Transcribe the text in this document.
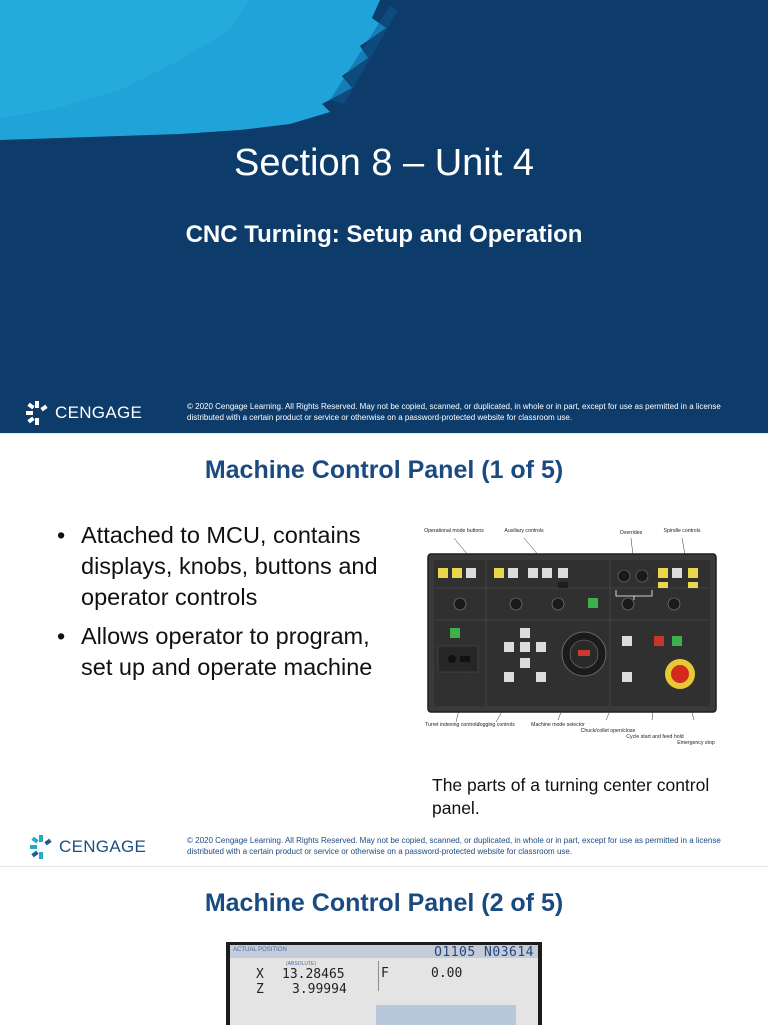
Section 8 – Unit 4
CNC Turning: Setup and Operation
CENGAGE	© 2020 Cengage Learning. All Rights Reserved. May not be copied, scanned, or duplicated, in whole or in part, except for use as permitted in a license distributed with a certain product or service or otherwise on a password-protected website for classroom use.
Machine Control Panel (1 of 5)
• Attached to MCU, contains displays, knobs, buttons and operator controls
• Allows operator to program, set up and operate machine
Operational mode buttons	Auxiliary controls	Overrides	Spindle controls
Turret indexing controls
Jogging controls	Machine mode selector
Chuck/collet open/close
Cycle start and feed hold
Emergency stop
The parts of a turning center control panel.
CENGAGE	© 2020 Cengage Learning. All Rights Reserved. May not be copied, scanned, or duplicated, in whole or in part, except for use as permitted in a license distributed with a certain product or service or otherwise on a password-protected website for classroom use.
Machine Control Panel (2 of 5)
ACTUAL POSITION	O1105 N03614
(ABSOLUTE)
X 13.28465
Z 3.99994
F	0.00
